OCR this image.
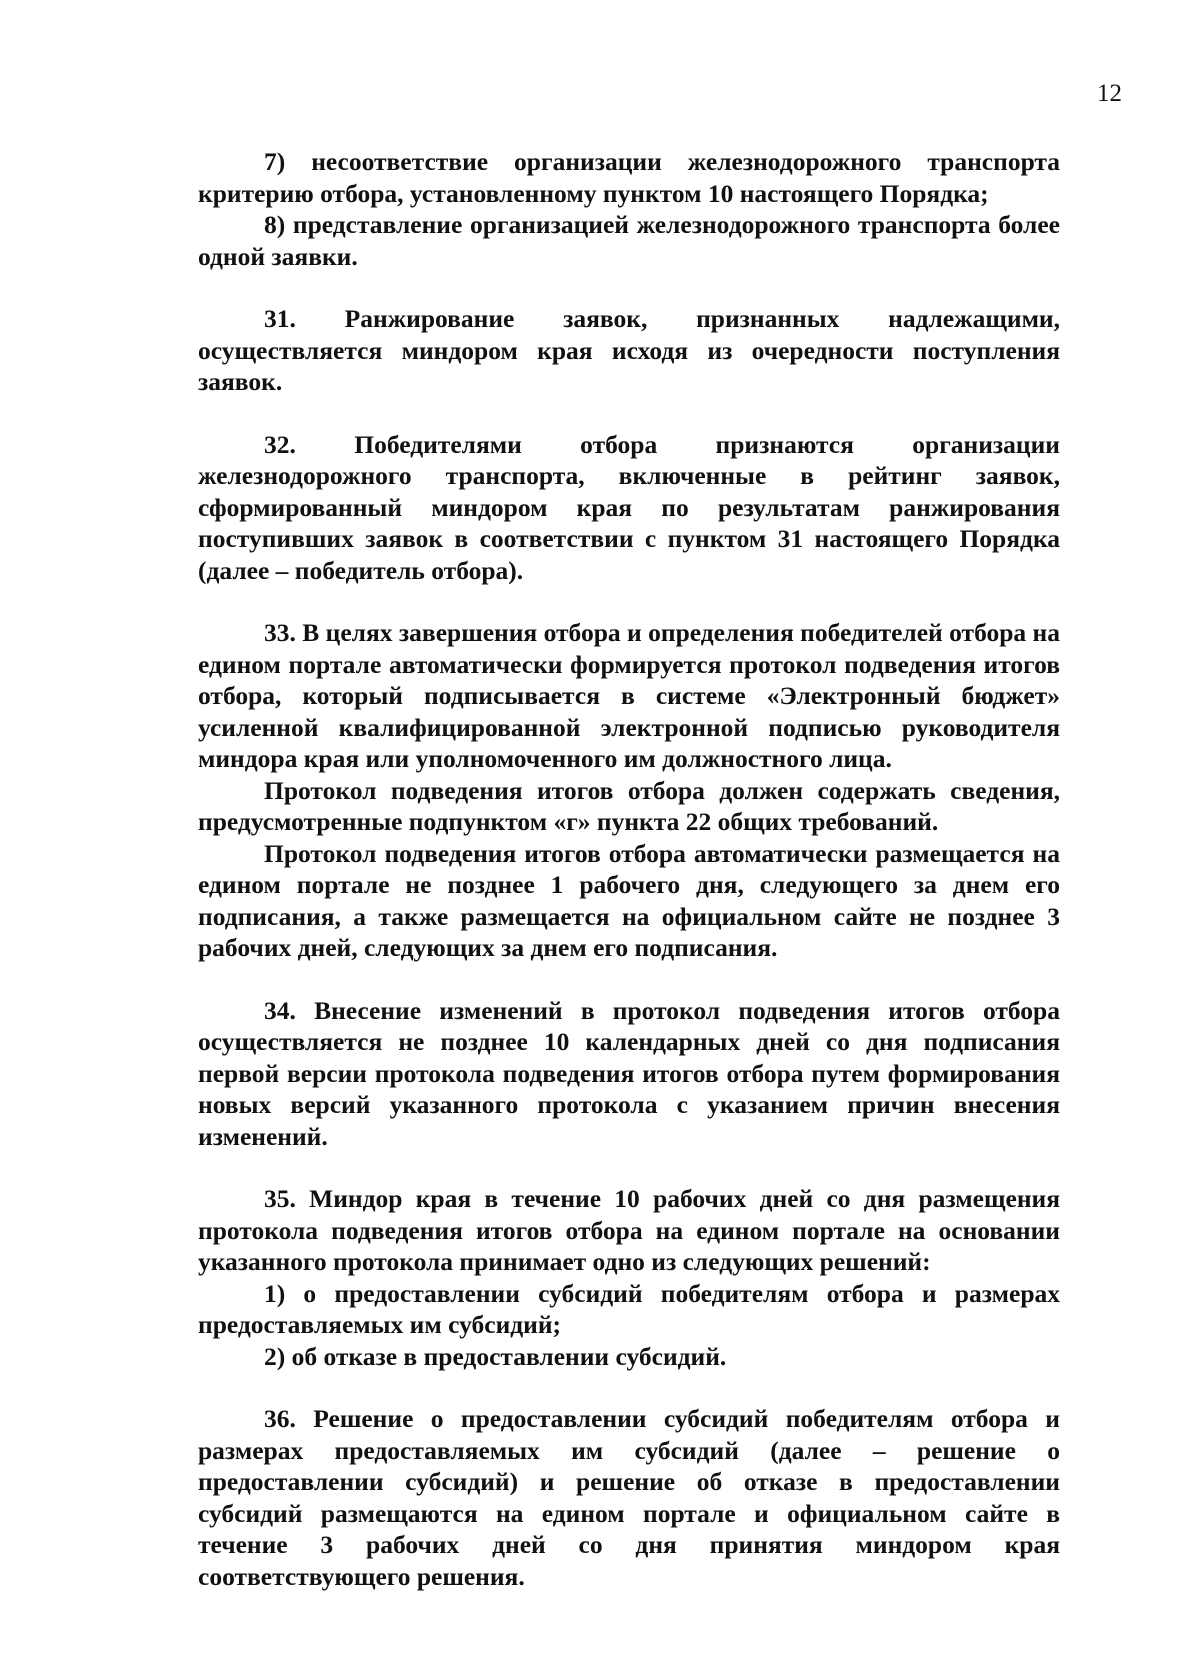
12

7) несоответствие организации железнодорожного транспорта критерию отбора, установленному пунктом 10 настоящего Порядка;

8) представление организацией железнодорожного транспорта более одной заявки.

31. Ранжирование заявок, признанных надлежащими, осуществляется миндором края исходя из очередности поступления заявок.

32. Победителями отбора признаются организации железнодорожного транспорта, включенные в рейтинг заявок, сформированный миндором края по результатам ранжирования поступивших заявок в соответствии с пунктом 31 настоящего Порядка (далее – победитель отбора).

33. В целях завершения отбора и определения победителей отбора на едином портале автоматически формируется протокол подведения итогов отбора, который подписывается в системе «Электронный бюджет» усиленной квалифицированной электронной подписью руководителя миндора края или уполномоченного им должностного лица.

Протокол подведения итогов отбора должен содержать сведения, предусмотренные подпунктом «г» пункта 22 общих требований.

Протокол подведения итогов отбора автоматически размещается на едином портале не позднее 1 рабочего дня, следующего за днем его подписания, а также размещается на официальном сайте не позднее 3 рабочих дней, следующих за днем его подписания.

34. Внесение изменений в протокол подведения итогов отбора осуществляется не позднее 10 календарных дней со дня подписания первой версии протокола подведения итогов отбора путем формирования новых версий указанного протокола с указанием причин внесения изменений.

35. Миндор края в течение 10 рабочих дней со дня размещения протокола подведения итогов отбора на едином портале на основании указанного протокола принимает одно из следующих решений:

1) о предоставлении субсидий победителям отбора и размерах предоставляемых им субсидий;

2) об отказе в предоставлении субсидий.

36. Решение о предоставлении субсидий победителям отбора и размерах предоставляемых им субсидий (далее – решение о предоставлении субсидий) и решение об отказе в предоставлении субсидий размещаются на едином портале и официальном сайте в течение 3 рабочих дней со дня принятия миндором края соответствующего решения.
